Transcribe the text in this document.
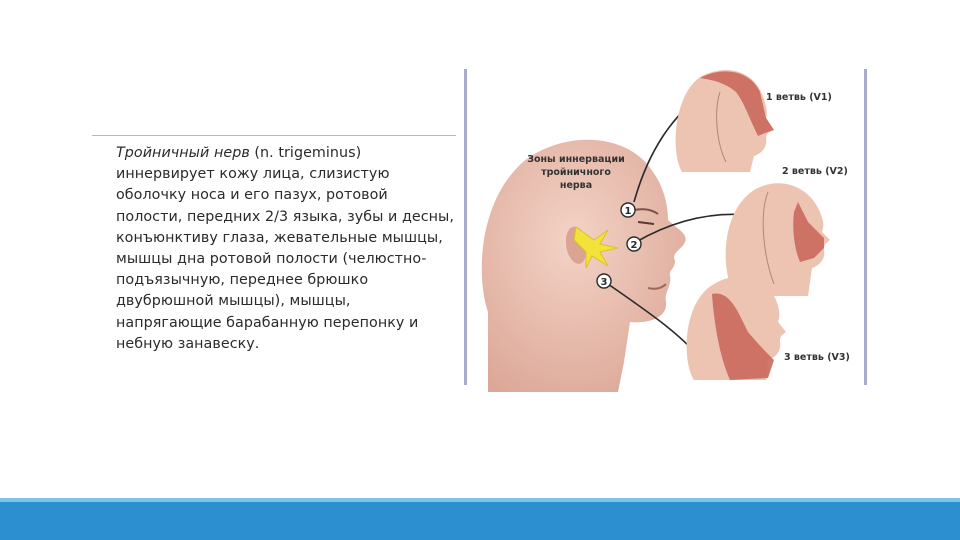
Тройничный нерв (n. trigeminus) иннервирует кожу лица, слизистую оболочку носа и его пазух, ротовой полости, передних 2/3 языка, зубы и десны, конъюнктиву глаза, жевательные мышцы, мышцы дна ротовой полости (челюстно-подъязычную, переднее брюшко двубрюшной мышцы), мышцы, напрягающие барабанную перепонку и небную занавеску.
Зоны иннервации
тройничного
нерва
1
2
3
1 ветвь (V1)
2 ветвь (V2)
3 ветвь (V3)
